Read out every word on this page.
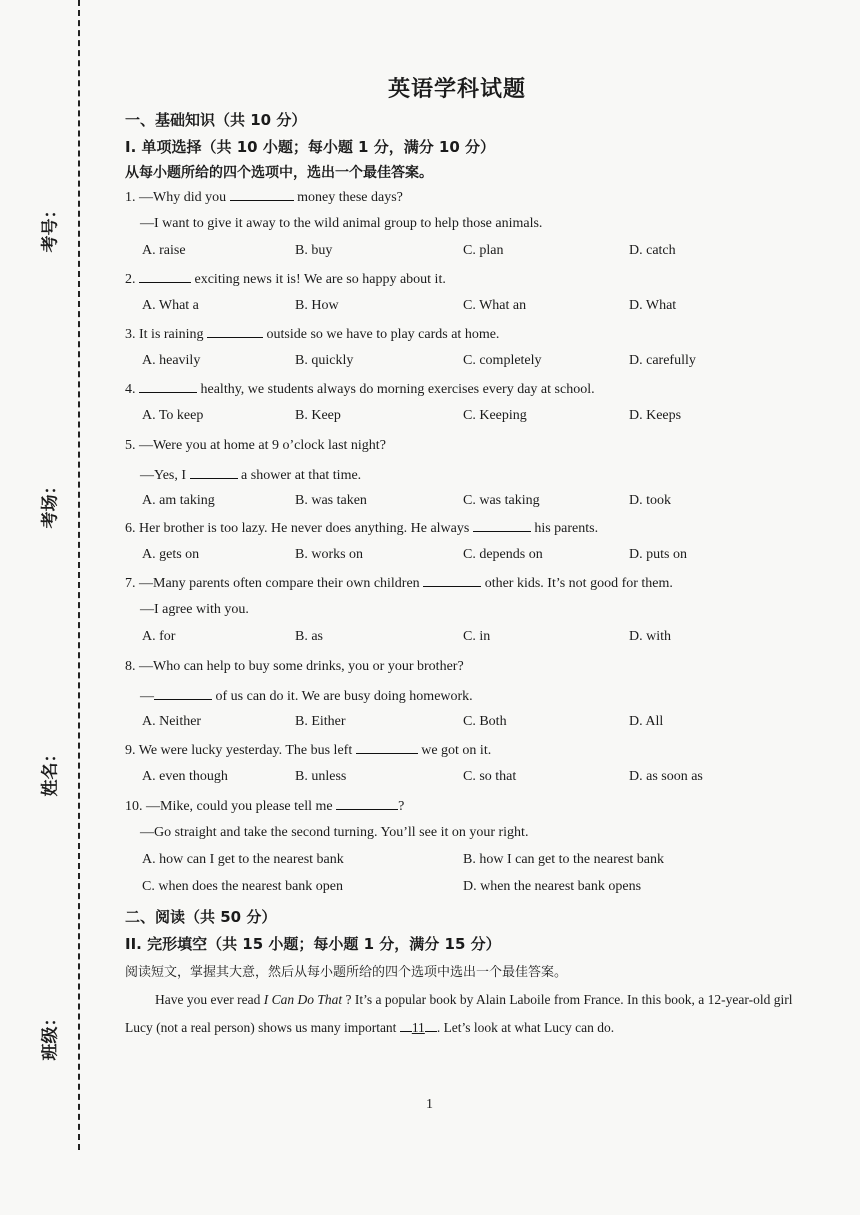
考号：
考场：
姓名：
班级：
英语学科试题
一、基础知识（共 10 分）
I. 单项选择（共 10 小题；每小题 1 分，满分 10 分）
从每小题所给的四个选项中，选出一个最佳答案。
1. —Why did you	money these days?
—I want to give it away to the wild animal group to help those animals.
A. raise	B. buy	C. plan	D. catch
2.	exciting news it is! We are so happy about it.
A. What a	B. How	C. What an	D. What
3. It is raining	outside so we have to play cards at home.
A. heavily	B. quickly	C. completely	D. carefully
4.	healthy, we students always do morning exercises every day at school.
A. To keep	B. Keep	C. Keeping	D. Keeps
5. —Were you at home at 9 o’clock last night?
—Yes, I	a shower at that time.
A. am taking	B. was taken	C. was taking	D. took
6. Her brother is too lazy. He never does anything. He always	his parents.
A. gets on	B. works on	C. depends on	D. puts on
7. —Many parents often compare their own children	other kids. It’s not good for them.
—I agree with you.
A. for	B. as	C. in	D. with
8. —Who can help to buy some drinks, you or your brother?
—	of us can do it. We are busy doing homework.
A. Neither	B. Either	C. Both	D. All
9. We were lucky yesterday. The bus left	we got on it.
A. even though	B. unless	C. so that	D. as soon as
10. —Mike, could you please tell me	?
—Go straight and take the second turning. You’ll see it on your right.
A. how can I get to the nearest bank	B. how I can get to the nearest bank
C. when does the nearest bank open	D. when the nearest bank opens
二、阅读（共 50 分）
II. 完形填空（共 15 小题；每小题 1 分，满分 15 分）
阅读短文，掌握其大意，然后从每小题所给的四个选项中选出一个最佳答案。
Have you ever read I Can Do That ? It’s a popular book by Alain Laboile from France. In this book, a 12-year-old girl Lucy (not a real person) shows us many important 11 . Let’s look at what Lucy can do.
1
